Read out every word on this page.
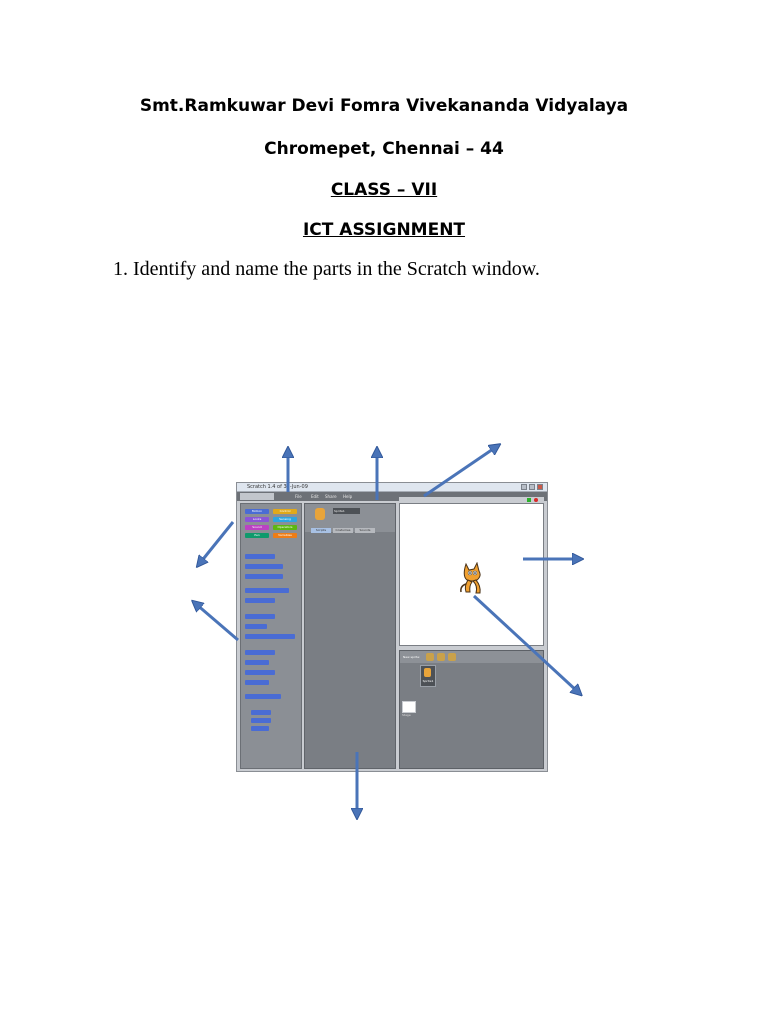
Smt.Ramkuwar Devi Fomra Vivekananda Vidyalaya
Chromepet, Chennai – 44
CLASS – VII
ICT ASSIGNMENT
1. Identify and name the parts in the Scratch window.
Scratch 1.4 of 30-Jun-09
File Edit Share Help
Motion	Control
Looks	Sensing
Sound	Operators
Pen	Variables
Sprite1
Scripts	Costumes	Sounds
New sprite:
Sprite1
Stage
